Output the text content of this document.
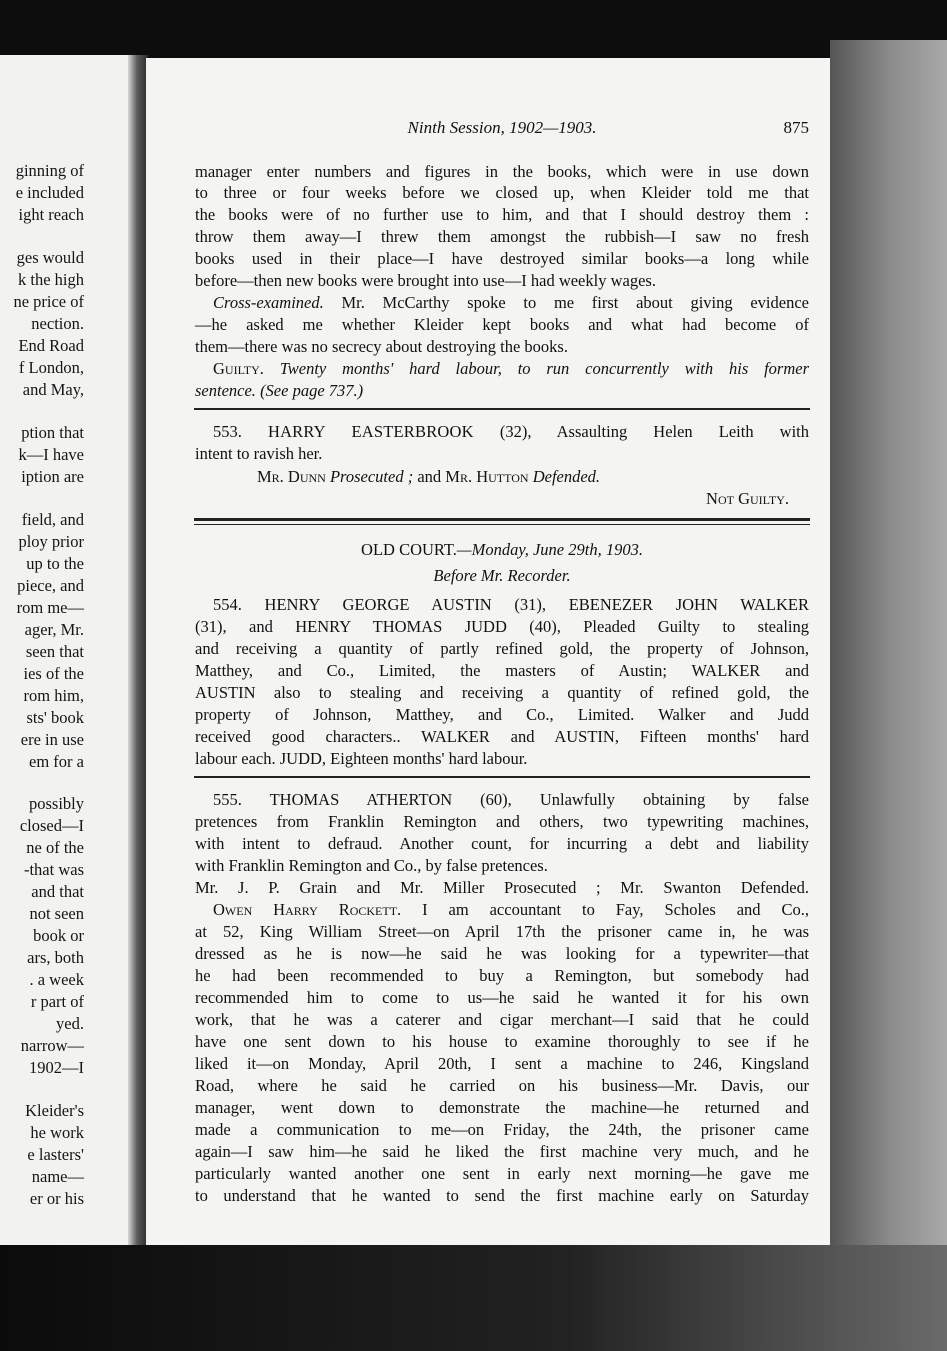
ginning of
e included
ight reach
ges would
k the high
ne price of
nection.
End Road
f London,
and May,
ption that
k—I have
iption are
field, and
ploy prior
up to the
piece, and
rom me—
ager, Mr.
seen that
ies of the
rom him,
sts' book
ere in use
em for a
possibly
closed—I
ne of the
-that was
and that
not seen
book or
ars, both
. a week
r part of
yed.
narrow—
1902—I
Kleider's
he work
e lasters'
name—
er or his
Ninth Session, 1902—1903.	875
manager enter numbers and figures in the books, which were in use down
to three or four weeks before we closed up, when Kleider told me that
the books were of no further use to him, and that I should destroy them :
throw them away—I threw them amongst the rubbish—I saw no fresh
books used in their place—I have destroyed similar books—a long while
before—then new books were brought into use—I had weekly wages.
Cross-examined. Mr. McCarthy spoke to me first about giving evidence
—he asked me whether Kleider kept books and what had become of
them—there was no secrecy about destroying the books.
Guilty. Twenty months' hard labour, to run concurrently with his former
sentence. (See page 737.)
553. HARRY EASTERBROOK (32), Assaulting Helen Leith with
intent to ravish her.
Mr. Dunn Prosecuted ; and Mr. Hutton Defended.
Not Guilty.
OLD COURT.—Monday, June 29th, 1903.
Before Mr. Recorder.
554. HENRY GEORGE AUSTIN (31), EBENEZER JOHN WALKER
(31), and HENRY THOMAS JUDD (40), Pleaded Guilty to stealing
and receiving a quantity of partly refined gold, the property of Johnson,
Matthey, and Co., Limited, the masters of Austin; WALKER and
AUSTIN also to stealing and receiving a quantity of refined gold, the
property of Johnson, Matthey, and Co., Limited. Walker and Judd
received good characters.. WALKER and AUSTIN, Fifteen months' hard
labour each. JUDD, Eighteen months' hard labour.
555. THOMAS ATHERTON (60), Unlawfully obtaining by false
pretences from Franklin Remington and others, two typewriting machines,
with intent to defraud. Another count, for incurring a debt and liability
with Franklin Remington and Co., by false pretences.
Mr. J. P. Grain and Mr. Miller Prosecuted ; Mr. Swanton Defended.
Owen Harry Rockett. I am accountant to Fay, Scholes and Co.,
at 52, King William Street—on April 17th the prisoner came in, he was
dressed as he is now—he said he was looking for a typewriter—that
he had been recommended to buy a Remington, but somebody had
recommended him to come to us—he said he wanted it for his own
work, that he was a caterer and cigar merchant—I said that he could
have one sent down to his house to examine thoroughly to see if he
liked it—on Monday, April 20th, I sent a machine to 246, Kingsland
Road, where he said he carried on his business—Mr. Davis, our
manager, went down to demonstrate the machine—he returned and
made a communication to me—on Friday, the 24th, the prisoner came
again—I saw him—he said he liked the first machine very much, and he
particularly wanted another one sent in early next morning—he gave me
to understand that he wanted to send the first machine early on Saturday
